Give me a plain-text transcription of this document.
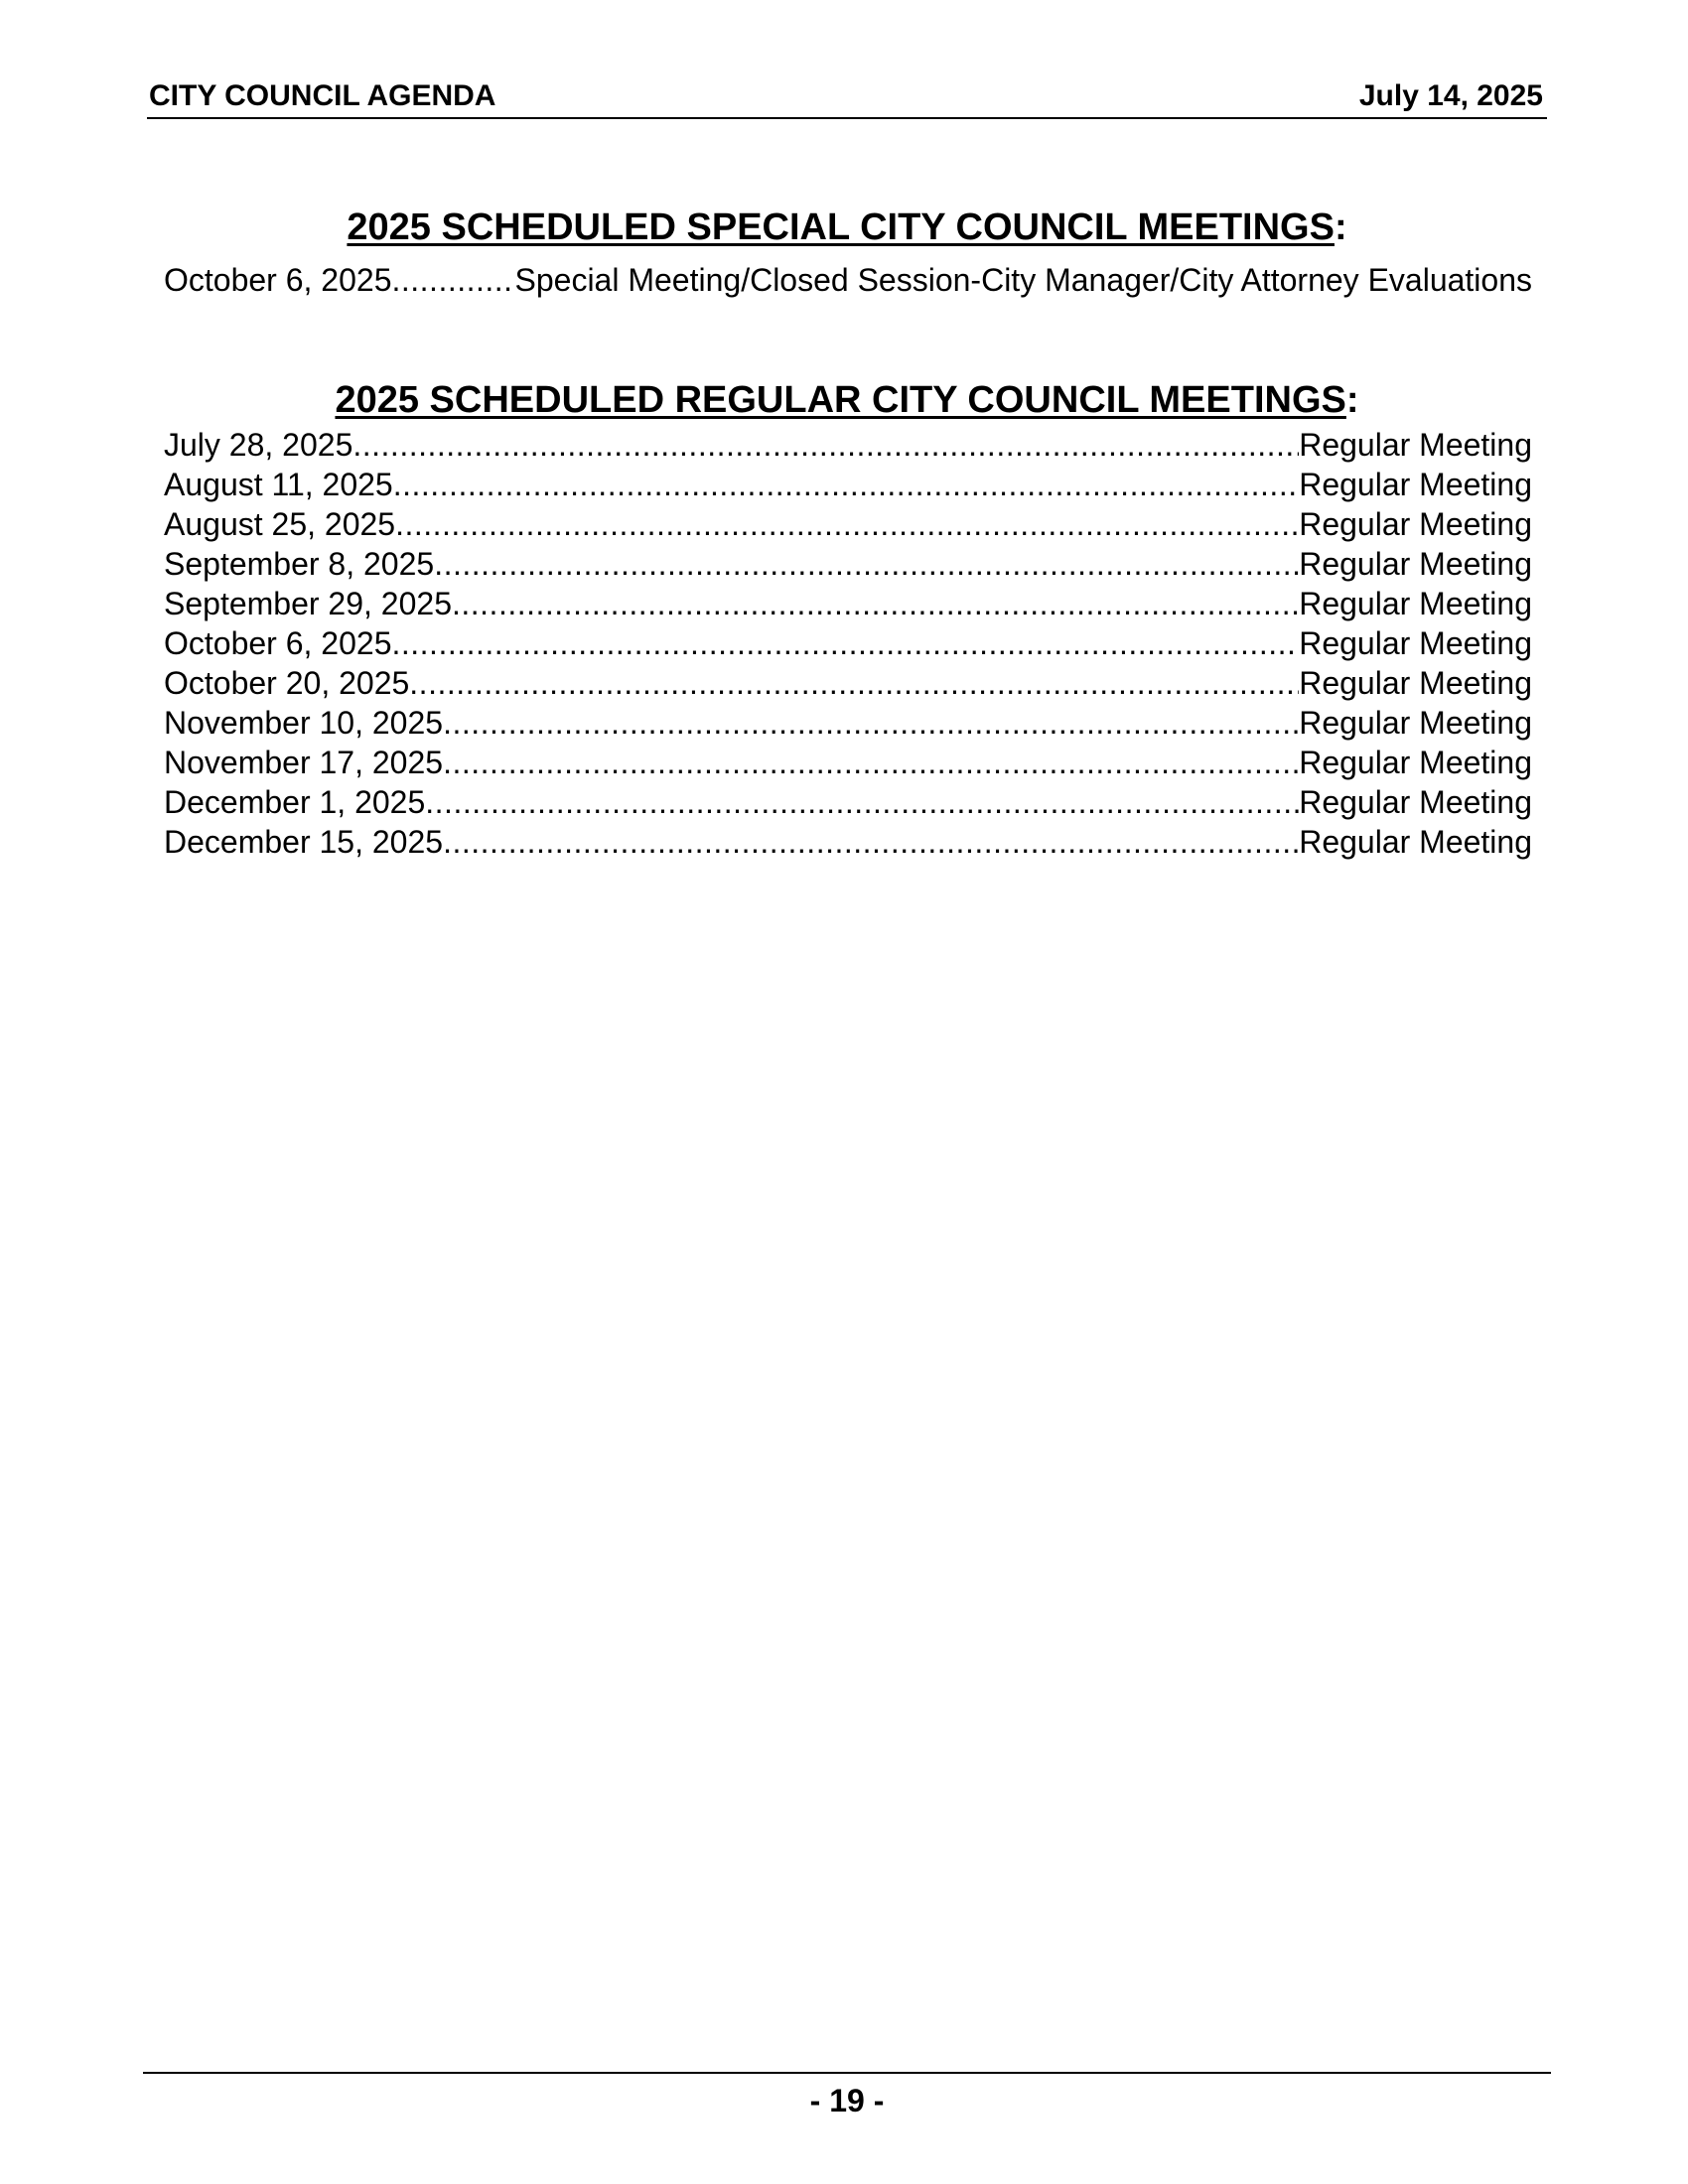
CITY COUNCIL AGENDA	July 14, 2025
2025 SCHEDULED SPECIAL CITY COUNCIL MEETINGS:
October 6, 2025 .....	Special Meeting/Closed Session-City Manager/City Attorney Evaluations
2025 SCHEDULED REGULAR CITY COUNCIL MEETINGS:
July 28, 2025 .....	Regular Meeting
August 11, 2025 .....	Regular Meeting
August 25, 2025 .....	Regular Meeting
September 8, 2025 .....	Regular Meeting
September 29, 2025 .....	Regular Meeting
October 6, 2025 .....	Regular Meeting
October 20, 2025 .....	Regular Meeting
November 10, 2025 .....	Regular Meeting
November 17, 2025 .....	Regular Meeting
December 1, 2025 .....	Regular Meeting
December 15, 2025 .....	Regular Meeting
- 19 -
